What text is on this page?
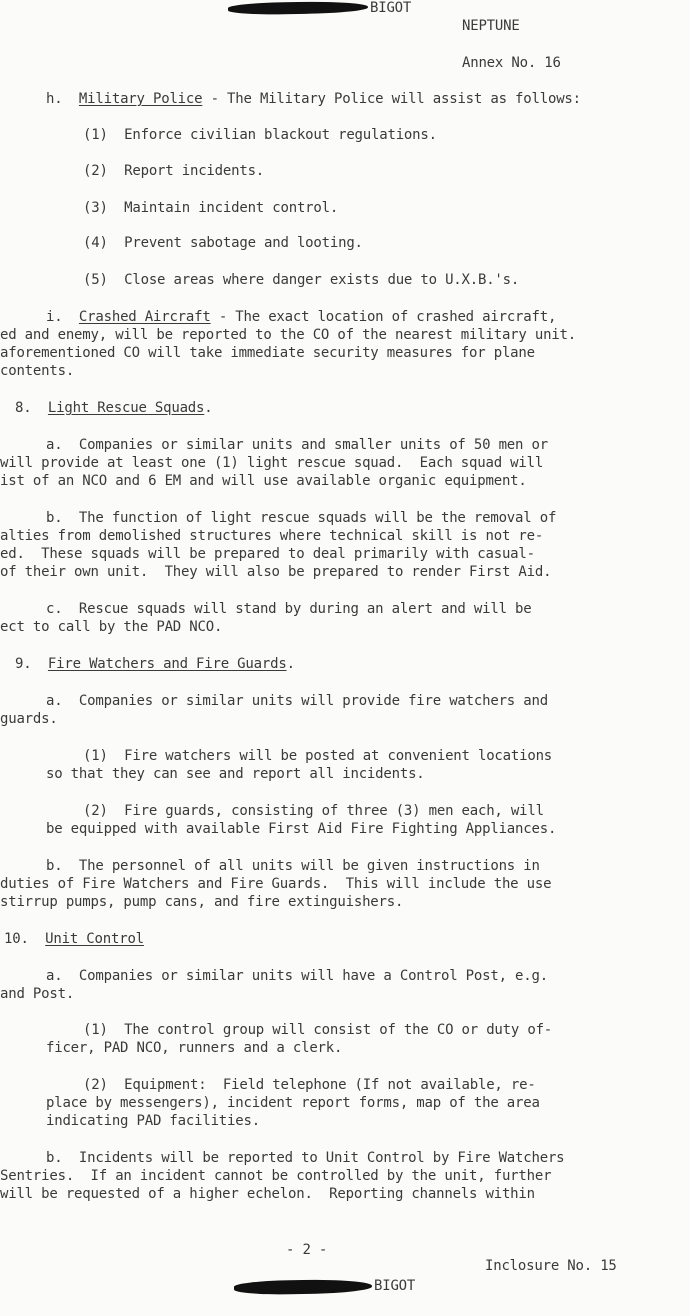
BIGOT
NEPTUNE
Annex No. 16
h.  Military Police - The Military Police will assist as follows:
(1)  Enforce civilian blackout regulations.
(2)  Report incidents.
(3)  Maintain incident control.
(4)  Prevent sabotage and looting.
(5)  Close areas where danger exists due to U.X.B.'s.
i.  Crashed Aircraft - The exact location of crashed aircraft,
ed and enemy, will be reported to the CO of the nearest military unit.
aforementioned CO will take immediate security measures for plane
contents.
8.  Light Rescue Squads.
a.  Companies or similar units and smaller units of 50 men or
will provide at least one (1) light rescue squad.  Each squad will
ist of an NCO and 6 EM and will use available organic equipment.
b.  The function of light rescue squads will be the removal of
alties from demolished structures where technical skill is not re-
ed.  These squads will be prepared to deal primarily with casual-
of their own unit.  They will also be prepared to render First Aid.
c.  Rescue squads will stand by during an alert and will be
ect to call by the PAD NCO.
9.  Fire Watchers and Fire Guards.
a.  Companies or similar units will provide fire watchers and
guards.
(1)  Fire watchers will be posted at convenient locations
so that they can see and report all incidents.
(2)  Fire guards, consisting of three (3) men each, will
be equipped with available First Aid Fire Fighting Appliances.
b.  The personnel of all units will be given instructions in
duties of Fire Watchers and Fire Guards.  This will include the use
stirrup pumps, pump cans, and fire extinguishers.
10.  Unit Control
a.  Companies or similar units will have a Control Post, e.g.
and Post.
(1)  The control group will consist of the CO or duty of-
ficer, PAD NCO, runners and a clerk.
(2)  Equipment:  Field telephone (If not available, re-
place by messengers), incident report forms, map of the area
indicating PAD facilities.
b.  Incidents will be reported to Unit Control by Fire Watchers
Sentries.  If an incident cannot be controlled by the unit, further
will be requested of a higher echelon.  Reporting channels within
- 2 -
Inclosure No. 15
BIGOT
